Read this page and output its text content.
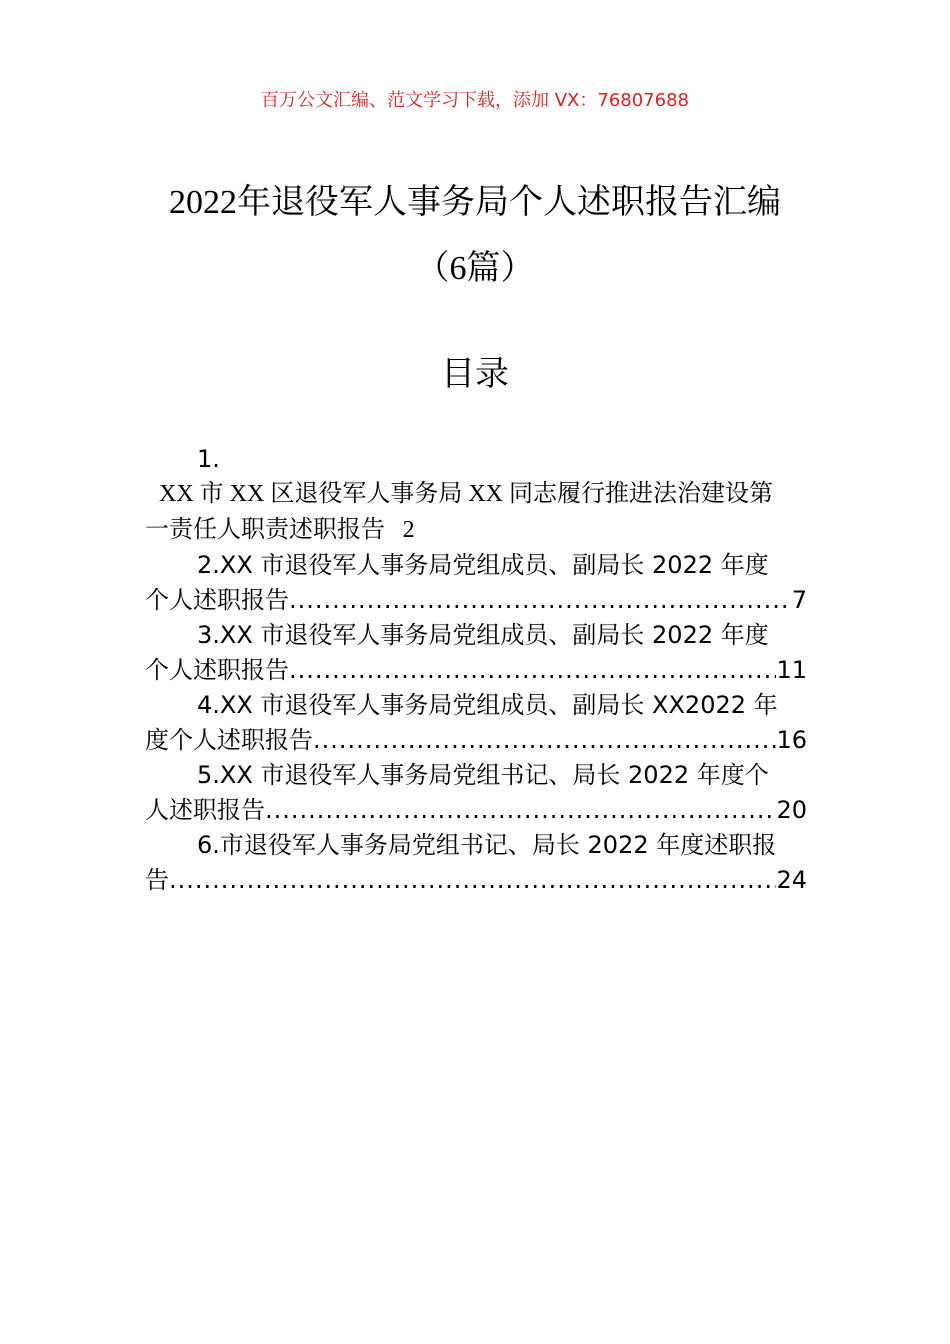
百万公文汇编、范文学习下载，添加 VX：76807688
2022年退役军人事务局个人述职报告汇编
（6篇）
目录
1.
XX 市 XX 区退役军人事务局 XX 同志履行推进法治建设第
一责任人职责述职报告 2
2.XX 市退役军人事务局党组成员、副局长 2022 年度
个人述职报告 .....	7
3.XX 市退役军人事务局党组成员、副局长 2022 年度
个人述职报告 .....	11
4.XX 市退役军人事务局党组成员、副局长 XX2022 年
度个人述职报告 .....	16
5.XX 市退役军人事务局党组书记、局长 2022 年度个
人述职报告 .....	20
6.市退役军人事务局党组书记、局长 2022 年度述职报
告 .....	24
